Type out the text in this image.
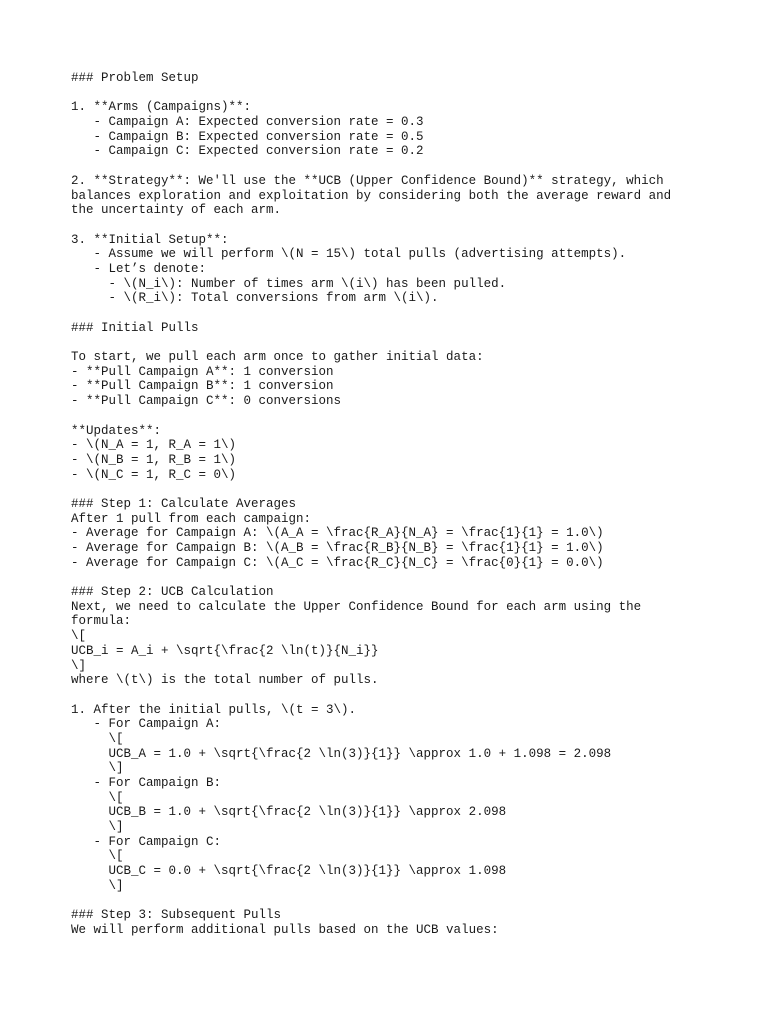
### Problem Setup
1. **Arms (Campaigns)**:
- Campaign A: Expected conversion rate = 0.3
- Campaign B: Expected conversion rate = 0.5
- Campaign C: Expected conversion rate = 0.2
2. **Strategy**: We'll use the **UCB (Upper Confidence Bound)** strategy, which
balances exploration and exploitation by considering both the average reward and
the uncertainty of each arm.
3. **Initial Setup**:
- Assume we will perform \(N = 15\) total pulls (advertising attempts).
- Let’s denote:
- \(N_i\): Number of times arm \(i\) has been pulled.
- \(R_i\): Total conversions from arm \(i\).
### Initial Pulls
To start, we pull each arm once to gather initial data:
- **Pull Campaign A**: 1 conversion
- **Pull Campaign B**: 1 conversion
- **Pull Campaign C**: 0 conversions
**Updates**:
- \(N_A = 1, R_A = 1\)
- \(N_B = 1, R_B = 1\)
- \(N_C = 1, R_C = 0\)
### Step 1: Calculate Averages
After 1 pull from each campaign:
- Average for Campaign A: \(A_A = \frac{R_A}{N_A} = \frac{1}{1} = 1.0\)
- Average for Campaign B: \(A_B = \frac{R_B}{N_B} = \frac{1}{1} = 1.0\)
- Average for Campaign C: \(A_C = \frac{R_C}{N_C} = \frac{0}{1} = 0.0\)
### Step 2: UCB Calculation
Next, we need to calculate the Upper Confidence Bound for each arm using the
formula:
\[
UCB_i = A_i + \sqrt{\frac{2 \ln(t)}{N_i}}
\]
where \(t\) is the total number of pulls.
1. After the initial pulls, \(t = 3\).
- For Campaign A:
\[
UCB_A = 1.0 + \sqrt{\frac{2 \ln(3)}{1}} \approx 1.0 + 1.098 = 2.098
\]
- For Campaign B:
\[
UCB_B = 1.0 + \sqrt{\frac{2 \ln(3)}{1}} \approx 2.098
\]
- For Campaign C:
\[
UCB_C = 0.0 + \sqrt{\frac{2 \ln(3)}{1}} \approx 1.098
\]
### Step 3: Subsequent Pulls
We will perform additional pulls based on the UCB values:
